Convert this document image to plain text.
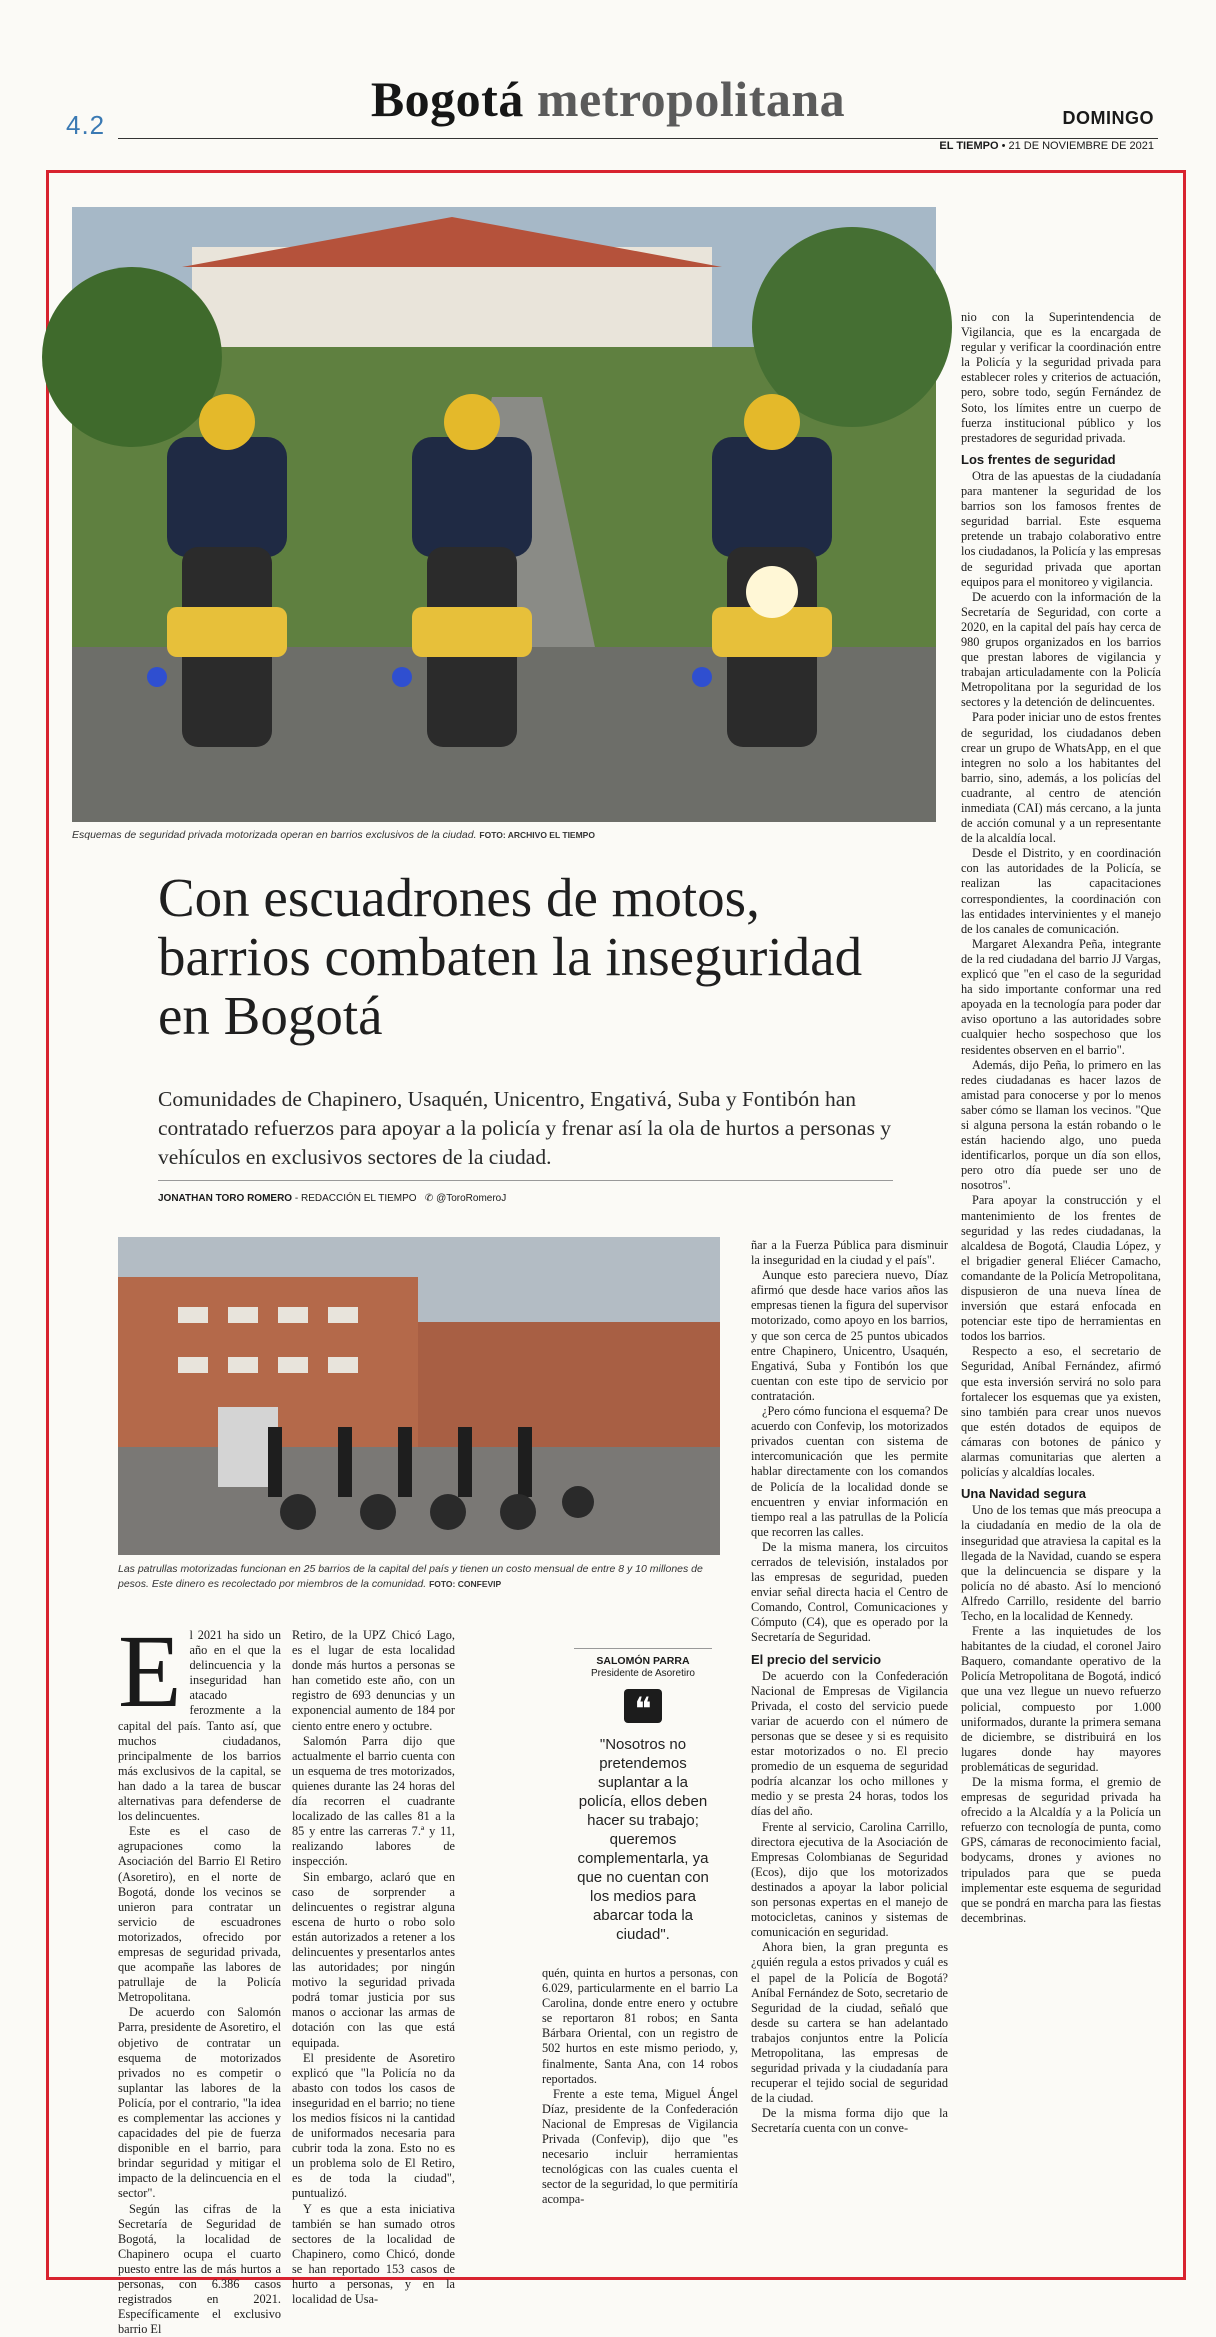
4.2	Bogotá metropolitana	DOMINGO
EL TIEMPO • 21 DE NOVIEMBRE DE 2021
Esquemas de seguridad privada motorizada operan en barrios exclusivos de la ciudad. FOTO: ARCHIVO EL TIEMPO
Con escuadrones de motos, barrios combaten la inseguridad en Bogotá
Comunidades de Chapinero, Usaquén, Unicentro, Engativá, Suba y Fontibón han contratado refuerzos para apoyar a la policía y frenar así la ola de hurtos a personas y vehículos en exclusivos sectores de la ciudad.
JONATHAN TORO ROMERO - REDACCIÓN EL TIEMPO ✆ @ToroRomeroJ
Las patrullas motorizadas funcionan en 25 barrios de la capital del país y tienen un costo mensual de entre 8 y 10 millones de pesos. Este dinero es recolectado por miembros de la comunidad. FOTO: CONFEVIP
E l 2021 ha sido un año en el que la delincuencia y la inseguridad han atacado ferozmente a la capital del país. Tanto así, que muchos ciudadanos, principalmente de los barrios más exclusivos de la capital, se han dado a la tarea de buscar alternativas para defenderse de los delincuentes.

Este es el caso de agrupaciones como la Asociación del Barrio El Retiro (Asoretiro), en el norte de Bogotá, donde los vecinos se unieron para contratar un servicio de escuadrones motorizados, ofrecido por empresas de seguridad privada, que acompañe las labores de patrullaje de la Policía Metropolitana.

De acuerdo con Salomón Parra, presidente de Asoretiro, el objetivo de contratar un esquema de motorizados privados no es competir o suplantar las labores de la Policía, por el contrario, "la idea es complementar las acciones y capacidades del pie de fuerza disponible en el barrio, para brindar seguridad y mitigar el impacto de la delincuencia en el sector".

Según las cifras de la Secretaría de Seguridad de Bogotá, la localidad de Chapinero ocupa el cuarto puesto entre las de más hurtos a personas, con 6.386 casos registrados en 2021. Específicamente el exclusivo barrio El

Retiro, de la UPZ Chicó Lago, es el lugar de esta localidad donde más hurtos a personas se han cometido este año, con un registro de 693 denuncias y un exponencial aumento de 184 por ciento entre enero y octubre.

Salomón Parra dijo que actualmente el barrio cuenta con un esquema de tres motorizados, quienes durante las 24 horas del día recorren el cuadrante localizado de las calles 81 a la 85 y entre las carreras 7.ª y 11, realizando labores de inspección.

Sin embargo, aclaró que en caso de sorprender a delincuentes o registrar alguna escena de hurto o robo solo están autorizados a retener a los delincuentes y presentarlos antes las autoridades; por ningún motivo la seguridad privada podrá tomar justicia por sus manos o accionar las armas de dotación con las que está equipada.

El presidente de Asoretiro explicó que "la Policía no da abasto con todos los casos de inseguridad en el barrio; no tiene los medios físicos ni la cantidad de uniformados necesaria para cubrir toda la zona. Esto no es un problema solo de El Retiro, es de toda la ciudad", puntualizó.

Y es que a esta iniciativa también se han sumado otros sectores de la localidad de Chapinero, como Chicó, donde se han reportado 153 casos de hurto a personas, y en la localidad de Usa-

SALOMÓN PARRA
Presidente de Asoretiro
❝
"Nosotros no pretendemos suplantar a la policía, ellos deben hacer su trabajo; queremos complementarla, ya que no cuentan con los medios para abarcar toda la ciudad".

quén, quinta en hurtos a personas, con 6.029, particularmente en el barrio La Carolina, donde entre enero y octubre se reportaron 81 robos; en Santa Bárbara Oriental, con un registro de 502 hurtos en este mismo periodo, y, finalmente, Santa Ana, con 14 robos reportados.

Frente a este tema, Miguel Ángel Díaz, presidente de la Confederación Nacional de Empresas de Vigilancia Privada (Confevip), dijo que "es necesario incluir herramientas tecnológicas con las cuales cuenta el sector de la seguridad, lo que permitiría acompa-

ñar a la Fuerza Pública para disminuir la inseguridad en la ciudad y el país".

Aunque esto pareciera nuevo, Díaz afirmó que desde hace varios años las empresas tienen la figura del supervisor motorizado, como apoyo en los barrios, y que son cerca de 25 puntos ubicados entre Chapinero, Unicentro, Usaquén, Engativá, Suba y Fontibón los que cuentan con este tipo de servicio por contratación.

¿Pero cómo funciona el esquema? De acuerdo con Confevip, los motorizados privados cuentan con sistema de intercomunicación que les permite hablar directamente con los comandos de Policía de la localidad donde se encuentren y enviar información en tiempo real a las patrullas de la Policía que recorren las calles.

De la misma manera, los circuitos cerrados de televisión, instalados por las empresas de seguridad, pueden enviar señal directa hacia el Centro de Comando, Control, Comunicaciones y Cómputo (C4), que es operado por la Secretaría de Seguridad.

El precio del servicio

De acuerdo con la Confederación Nacional de Empresas de Vigilancia Privada, el costo del servicio puede variar de acuerdo con el número de personas que se desee y si es requisito estar motorizados o no. El precio promedio de un esquema de seguridad podría alcanzar los ocho millones y medio y se presta 24 horas, todos los días del año.

Frente al servicio, Carolina Carrillo, directora ejecutiva de la Asociación de Empresas Colombianas de Seguridad (Ecos), dijo que los motorizados destinados a apoyar la labor policial son personas expertas en el manejo de motocicletas, caninos y sistemas de comunicación en seguridad.

Ahora bien, la gran pregunta es ¿quién regula a estos privados y cuál es el papel de la Policía de Bogotá? Aníbal Fernández de Soto, secretario de Seguridad de la ciudad, señaló que desde su cartera se han adelantado trabajos conjuntos entre la Policía Metropolitana, las empresas de seguridad privada y la ciudadanía para recuperar el tejido social de seguridad de la ciudad.

De la misma forma dijo que la Secretaría cuenta con un conve-

nio con la Superintendencia de Vigilancia, que es la encargada de regular y verificar la coordinación entre la Policía y la seguridad privada para establecer roles y criterios de actuación, pero, sobre todo, según Fernández de Soto, los límites entre un cuerpo de fuerza institucional público y los prestadores de seguridad privada.

Los frentes de seguridad

Otra de las apuestas de la ciudadanía para mantener la seguridad de los barrios son los famosos frentes de seguridad barrial. Este esquema pretende un trabajo colaborativo entre los ciudadanos, la Policía y las empresas de seguridad privada que aportan equipos para el monitoreo y vigilancia.

De acuerdo con la información de la Secretaría de Seguridad, con corte a 2020, en la capital del país hay cerca de 980 grupos organizados en los barrios que prestan labores de vigilancia y trabajan articuladamente con la Policía Metropolitana por la seguridad de los sectores y la detención de delincuentes.

Para poder iniciar uno de estos frentes de seguridad, los ciudadanos deben crear un grupo de WhatsApp, en el que integren no solo a los habitantes del barrio, sino, además, a los policías del cuadrante, al centro de atención inmediata (CAI) más cercano, a la junta de acción comunal y a un representante de la alcaldía local.

Desde el Distrito, y en coordinación con las autoridades de la Policía, se realizan las capacitaciones correspondientes, la coordinación con las entidades intervinientes y el manejo de los canales de comunicación.

Margaret Alexandra Peña, integrante de la red ciudadana del barrio JJ Vargas, explicó que "en el caso de la seguridad ha sido importante conformar una red apoyada en la tecnología para poder dar aviso oportuno a las autoridades sobre cualquier hecho sospechoso que los residentes observen en el barrio".

Además, dijo Peña, lo primero en las redes ciudadanas es hacer lazos de amistad para conocerse y por lo menos saber cómo se llaman los vecinos. "Que si alguna persona la están robando o le están haciendo algo, uno pueda identificarlos, porque un día son ellos, pero otro día puede ser uno de nosotros".

Para apoyar la construcción y el mantenimiento de los frentes de seguridad y las redes ciudadanas, la alcaldesa de Bogotá, Claudia López, y el brigadier general Eliécer Camacho, comandante de la Policía Metropolitana, dispusieron de una nueva línea de inversión que estará enfocada en potenciar este tipo de herramientas en todos los barrios.

Respecto a eso, el secretario de Seguridad, Aníbal Fernández, afirmó que esta inversión servirá no solo para fortalecer los esquemas que ya existen, sino también para crear unos nuevos que estén dotados de equipos de cámaras con botones de pánico y alarmas comunitarias que alerten a policías y alcaldías locales.

Una Navidad segura

Uno de los temas que más preocupa a la ciudadanía en medio de la ola de inseguridad que atraviesa la capital es la llegada de la Navidad, cuando se espera que la delincuencia se dispare y la policía no dé abasto. Así lo mencionó Alfredo Carrillo, residente del barrio Techo, en la localidad de Kennedy.

Frente a las inquietudes de los habitantes de la ciudad, el coronel Jairo Baquero, comandante operativo de la Policía Metropolitana de Bogotá, indicó que una vez llegue un nuevo refuerzo policial, compuesto por 1.000 uniformados, durante la primera semana de diciembre, se distribuirá en los lugares donde hay mayores problemáticas de seguridad.

De la misma forma, el gremio de empresas de seguridad privada ha ofrecido a la Alcaldía y a la Policía un refuerzo con tecnología de punta, como GPS, cámaras de reconocimiento facial, bodycams, drones y aviones no tripulados para que se pueda implementar este esquema de seguridad que se pondrá en marcha para las fiestas decembrinas.
